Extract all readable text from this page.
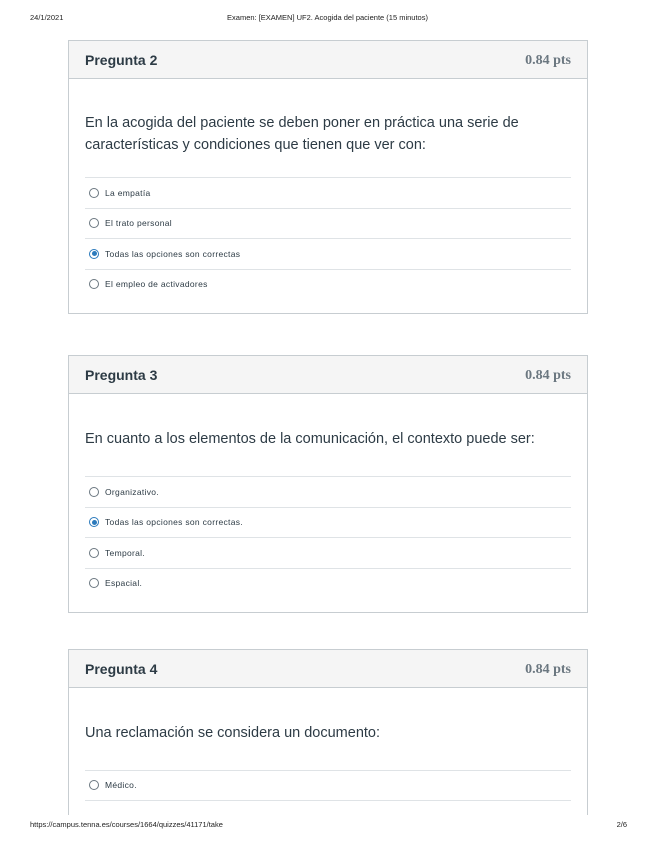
24/1/2021	Examen: [EXAMEN] UF2. Acogida del paciente (15 minutos)
Pregunta 2	0.84 pts
En la acogida del paciente se deben poner en práctica una serie de
características y condiciones que tienen que ver con:
La empatía
El trato personal
Todas las opciones son correctas
El empleo de activadores
Pregunta 3	0.84 pts
En cuanto a los elementos de la comunicación, el contexto puede ser:
Organizativo.
Todas las opciones son correctas.
Temporal.
Espacial.
Pregunta 4	0.84 pts
Una reclamación se considera un documento:
Médico.
https://campus.tenna.es/courses/1664/quizzes/41171/take	2/6
